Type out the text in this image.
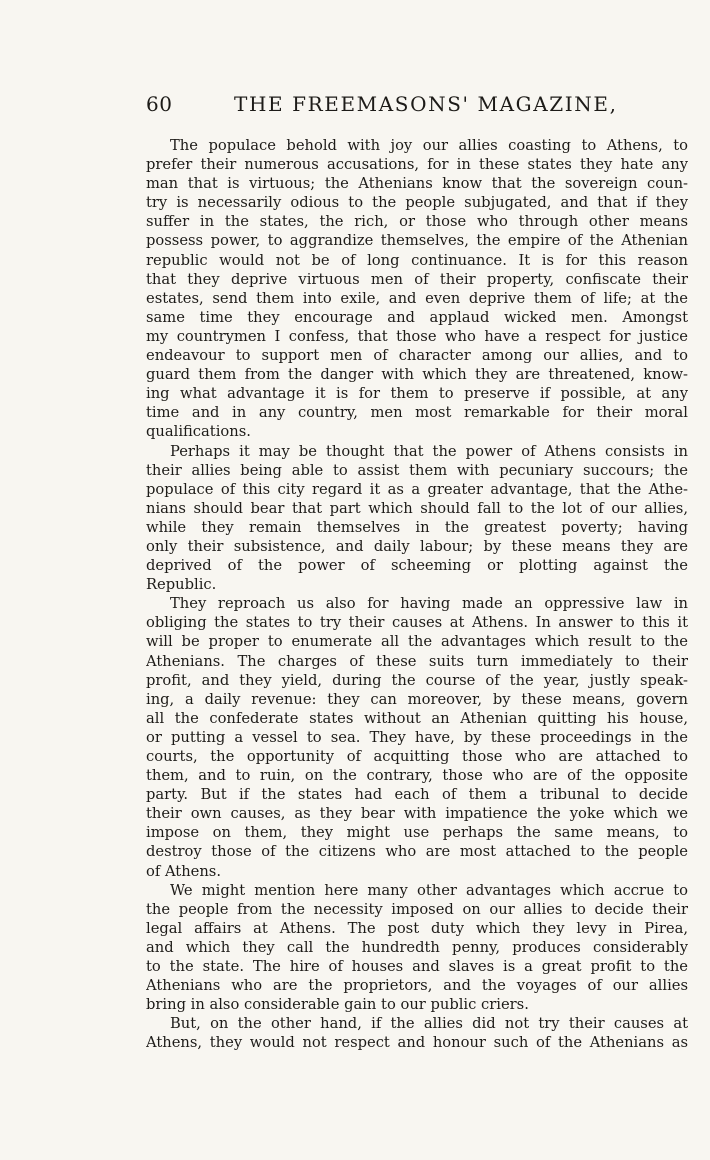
60	THE FREEMASONS' MAGAZINE,
The populace behold with joy our allies coasting to Athens, to
prefer their numerous accusations, for in these states they hate any
man that is virtuous; the Athenians know that the sovereign coun-
try is necessarily odious to the people subjugated, and that if they
suffer in the states, the rich, or those who through other means
possess power, to aggrandize themselves, the empire of the Athenian
republic would not be of long continuance. It is for this reason
that they deprive virtuous men of their property, confiscate their
estates, send them into exile, and even deprive them of life; at the
same time they encourage and applaud wicked men. Amongst
my countrymen I confess, that those who have a respect for justice
endeavour to support men of character among our allies, and to
guard them from the danger with which they are threatened, know-
ing what advantage it is for them to preserve if possible, at any
time and in any country, men most remarkable for their moral
qualifications.
Perhaps it may be thought that the power of Athens consists in
their allies being able to assist them with pecuniary succours; the
populace of this city regard it as a greater advantage, that the Athe-
nians should bear that part which should fall to the lot of our allies,
while they remain themselves in the greatest poverty; having
only their subsistence, and daily labour; by these means they are
deprived of the power of scheeming or plotting against the
Republic.
They reproach us also for having made an oppressive law in
obliging the states to try their causes at Athens. In answer to this it
will be proper to enumerate all the advantages which result to the
Athenians. The charges of these suits turn immediately to their
profit, and they yield, during the course of the year, justly speak-
ing, a daily revenue: they can moreover, by these means, govern
all the confederate states without an Athenian quitting his house,
or putting a vessel to sea. They have, by these proceedings in the
courts, the opportunity of acquitting those who are attached to
them, and to ruin, on the contrary, those who are of the opposite
party. But if the states had each of them a tribunal to decide
their own causes, as they bear with impatience the yoke which we
impose on them, they might use perhaps the same means, to
destroy those of the citizens who are most attached to the people
of Athens.
We might mention here many other advantages which accrue to
the people from the necessity imposed on our allies to decide their
legal affairs at Athens. The post duty which they levy in Pirea,
and which they call the hundredth penny, produces considerably
to the state. The hire of houses and slaves is a great profit to the
Athenians who are the proprietors, and the voyages of our allies
bring in also considerable gain to our public criers.
But, on the other hand, if the allies did not try their causes at
Athens, they would not respect and honour such of the Athenians as
